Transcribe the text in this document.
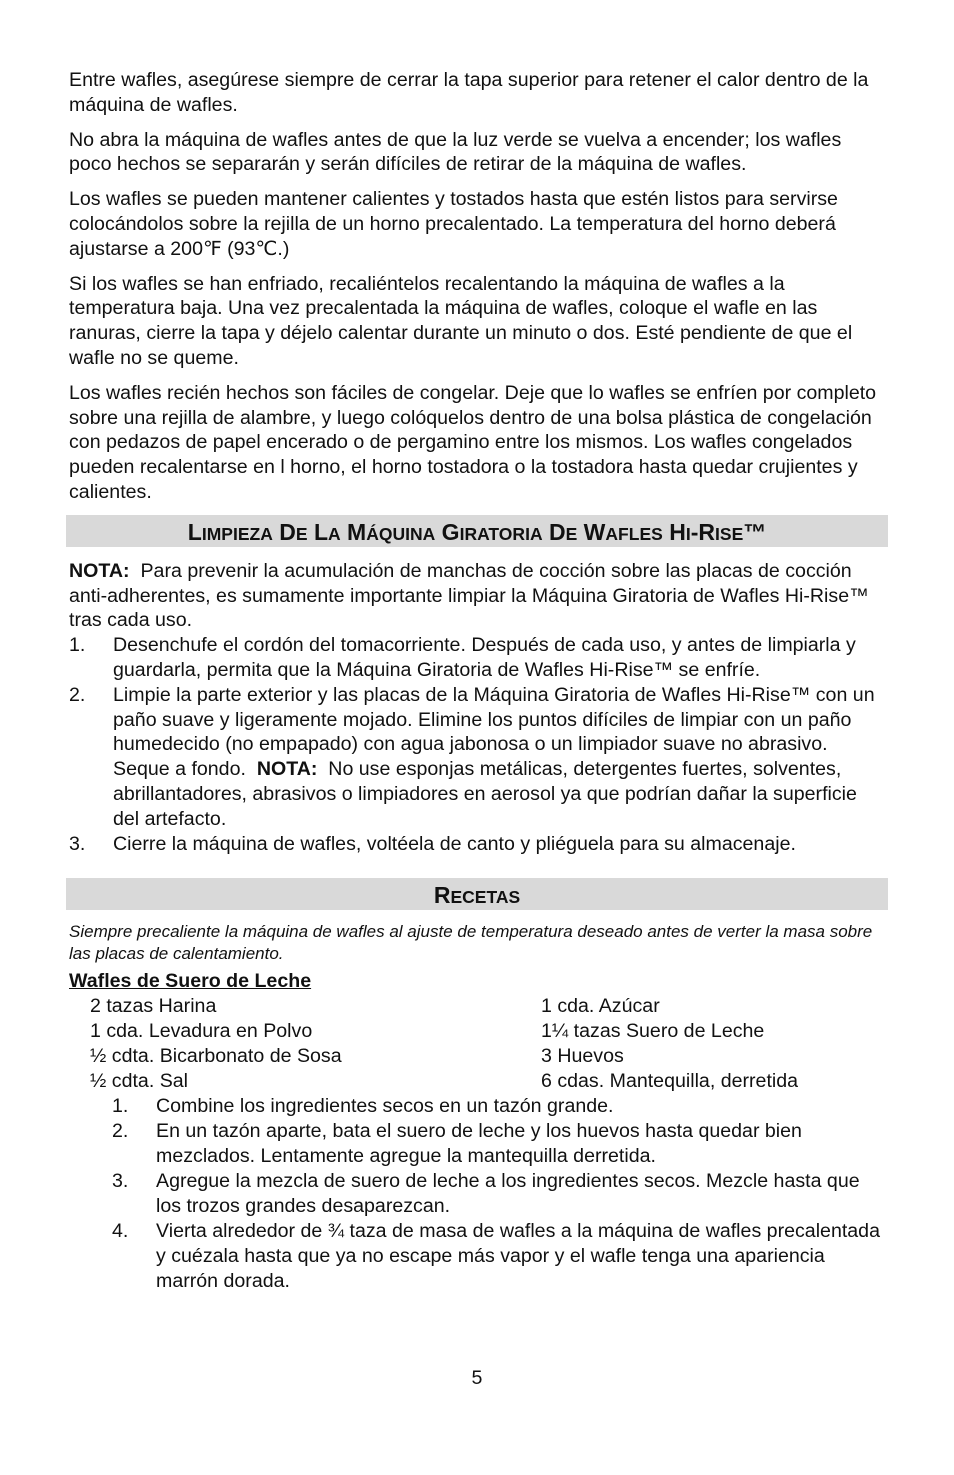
Entre wafles, asegúrese siempre de cerrar la tapa superior para retener el calor dentro de la máquina de wafles.

No abra la máquina de wafles antes de que la luz verde se vuelva a encender; los wafles poco hechos se separarán y serán difíciles de retirar de la máquina de wafles.

Los wafles se pueden mantener calientes y tostados hasta que estén listos para servirse colocándolos sobre la rejilla de un horno precalentado. La temperatura del horno deberá ajustarse a 200℉ (93℃.)

Si los wafles se han enfriado, recaliéntelos recalentando la máquina de wafles a la temperatura baja. Una vez precalentada la máquina de wafles, coloque el wafle en las ranuras, cierre la tapa y déjelo calentar durante un minuto o dos. Esté pendiente de que el wafle no se queme.

Los wafles recién hechos son fáciles de congelar. Deje que lo wafles se enfríen por completo sobre una rejilla de alambre, y luego colóquelos dentro de una bolsa plástica de congelación con pedazos de papel encerado o de pergamino entre los mismos. Los wafles congelados pueden recalentarse en l horno, el horno tostadora o la tostadora hasta quedar crujientes y calientes.

LIMPIEZA DE LA MÁQUINA GIRATORIA DE WAFLES HI-RISE™

NOTA: Para prevenir la acumulación de manchas de cocción sobre las placas de cocción anti-adherentes, es sumamente importante limpiar la Máquina Giratoria de Wafles Hi-Rise™ tras cada uso.

1. Desenchufe el cordón del tomacorriente. Después de cada uso, y antes de limpiarla y guardarla, permita que la Máquina Giratoria de Wafles Hi-Rise™ se enfríe.
2. Limpie la parte exterior y las placas de la Máquina Giratoria de Wafles Hi-Rise™ con un paño suave y ligeramente mojado. Elimine los puntos difíciles de limpiar con un paño humedecido (no empapado) con agua jabonosa o un limpiador suave no abrasivo. Seque a fondo. NOTA: No use esponjas metálicas, detergentes fuertes, solventes, abrillantadores, abrasivos o limpiadores en aerosol ya que podrían dañar la superficie del artefacto.
3. Cierre la máquina de wafles, voltéela de canto y pliéguela para su almacenaje.
RECETAS

Siempre precaliente la máquina de wafles al ajuste de temperatura deseado antes de verter la masa sobre las placas de calentamiento.

Wafles de Suero de Leche

2 tazas Harina	1 cda. Azúcar
1 cda. Levadura en Polvo	1¼ tazas Suero de Leche
½ cdta. Bicarbonato de Sosa	3 Huevos
½ cdta. Sal	6 cdas. Mantequilla, derretida
1. Combine los ingredientes secos en un tazón grande.
2. En un tazón aparte, bata el suero de leche y los huevos hasta quedar bien mezclados. Lentamente agregue la mantequilla derretida.
3. Agregue la mezcla de suero de leche a los ingredientes secos. Mezcle hasta que los trozos grandes desaparezcan.
4. Vierta alrededor de ¾ taza de masa de wafles a la máquina de wafles precalentada y cuézala hasta que ya no escape más vapor y el wafle tenga una apariencia marrón dorada.
5
